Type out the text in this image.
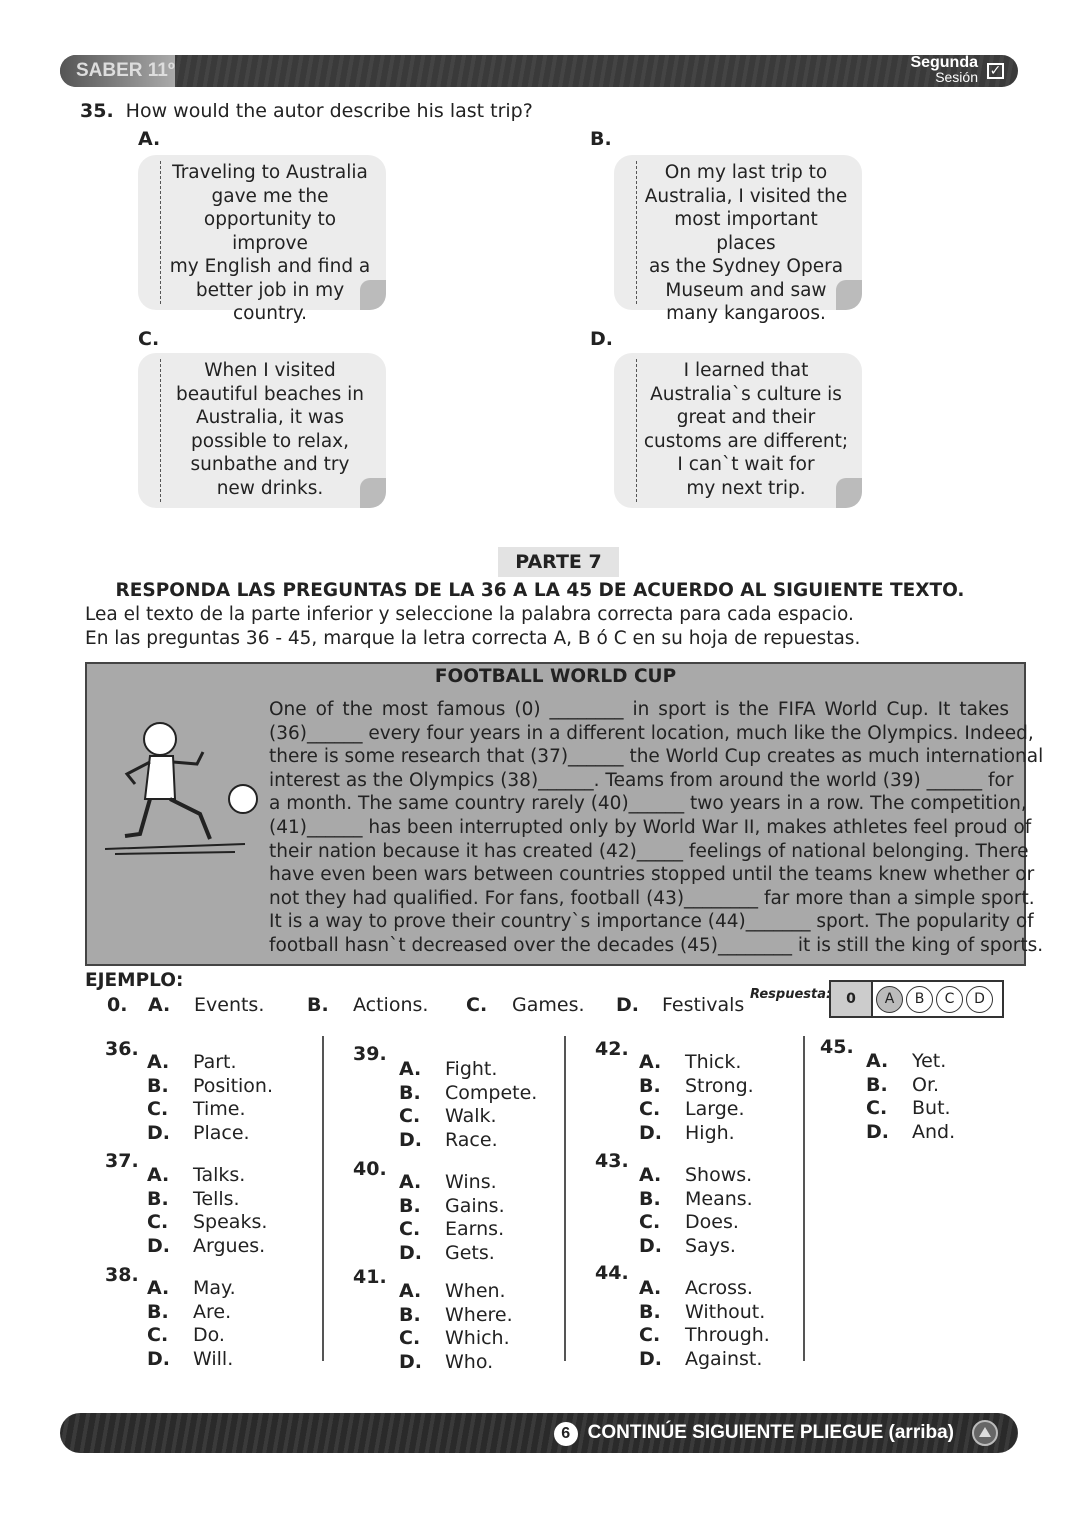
SABER 11º	Segunda
Sesión ✓
35. How would the autor describe his last trip?
A.
Traveling to Australia
gave me the
opportunity to improve
my English and find a
better job in my
country.
B.
On my last trip to
Australia, I visited the
most important places
as the Sydney Opera
Museum and saw
many kangaroos.
C.
When I visited
beautiful beaches in
Australia, it was
possible to relax,
sunbathe and try
new drinks.
D.
I learned that
Australia`s culture is
great and their
customs are different;
I can`t wait for
my next trip.
PARTE 7
RESPONDA LAS PREGUNTAS DE LA 36 A LA 45 DE ACUERDO AL SIGUIENTE TEXTO.
Lea el texto de la parte inferior y seleccione la palabra correcta para cada espacio.
En las preguntas 36 - 45, marque la letra correcta A, B ó C en su hoja de repuestas.
FOOTBALL WORLD CUP
One of the most famous (0) ________ in sport is the FIFA World Cup. It takes
(36)______ every four years in a different location, much like the Olympics. Indeed,
there is some research that (37)______ the World Cup creates as much international
interest as the Olympics (38)______. Teams from around the world (39) ______ for
a month. The same country rarely (40)______ two years in a row. The competition,
(41)______ has been interrupted only by World War II, makes athletes feel proud of
their nation because it has created (42)_____ feelings of national belonging. There
have even been wars between countries stopped until the teams knew whether or
not they had qualified. For fans, football (43)________ far more than a simple sport.
It is a way to prove their country`s importance (44)_______ sport. The popularity of
football hasn`t decreased over the decades (45)________ it is still the king of sports.
EJEMPLO:
0. A. Events. B. Actions. C. Games. D. Festivals Respuesta:	0	A	B	C	D
36.
A. Part.
B. Position.
C. Time.
D. Place.
37.
A. Talks.
B. Tells.
C. Speaks.
D. Argues.
38.
A. May.
B. Are.
C. Do.
D. Will.
39.
A. Fight.
B. Compete.
C. Walk.
D. Race.
40.
A. Wins.
B. Gains.
C. Earns.
D. Gets.
41.
A. When.
B. Where.
C. Which.
D. Who.
42.
A. Thick.
B. Strong.
C. Large.
D. High.
43.
A. Shows.
B. Means.
C. Does.
D. Says.
44.
A. Across.
B. Without.
C. Through.
D. Against.
45.
A. Yet.
B. Or.
C. But.
D. And.
6 CONTINÚE SIGUIENTE PLIEGUE (arriba)
